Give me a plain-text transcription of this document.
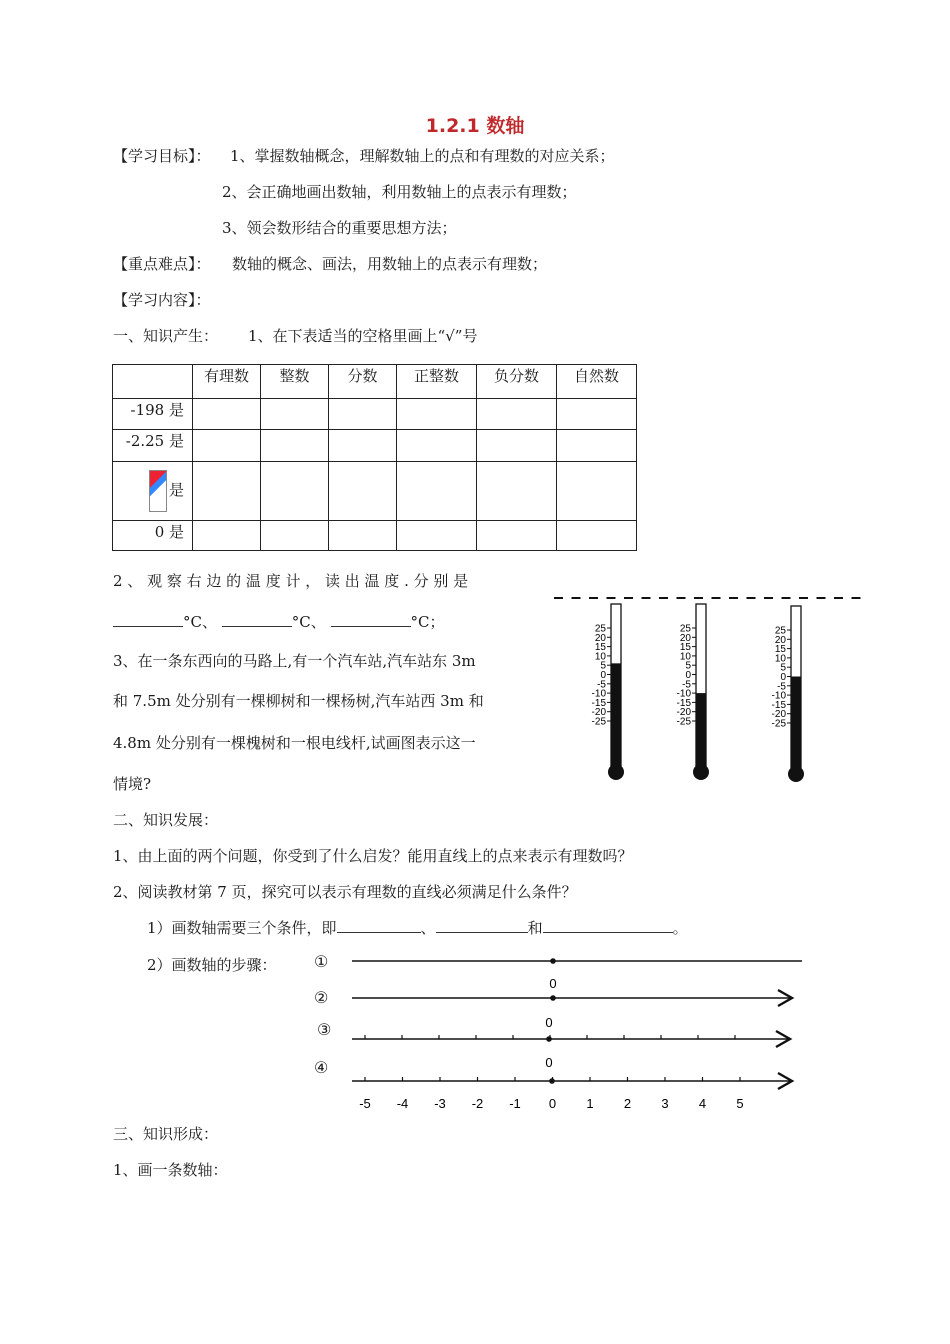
1.2.1 数轴
【学习目标】： 1、掌握数轴概念，理解数轴上的点和有理数的对应关系；
2、会正确地画出数轴，利用数轴上的点表示有理数；
3、领会数形结合的重要思想方法；
【重点难点】： 数轴的概念、画法，用数轴上的点表示有理数；
【学习内容】：
一、知识产生： 1、在下表适当的空格里画上“√”号
	有理数	整数	分数	正整数	负分数	自然数
-198 是						
-2.25 是						
是						
0 是						
2 、 观 察 右 边 的 温 度 计 ， 读 出 温 度 . 分 别 是
°C、	°C、	°C；
3、在一条东西向的马路上,有一个汽车站,汽车站东 3m
和 7.5m 处分别有一棵柳树和一棵杨树,汽车站西 3m 和
4.8m 处分别有一棵槐树和一根电线杆,试画图表示这一
情境?
25
20
15
10
5
0
-5
-10
-15
-20
-25
25
20
15
10
5
0
-5
-10
-15
-20
-25
25
20
15
10
5
0
-5
-10
-15
-20
-25
二、知识发展：
1、由上面的两个问题，你受到了什么启发？能用直线上的点来表示有理数吗？
2、阅读教材第 7 页，探究可以表示有理数的直线必须满足什么条件？
1）画数轴需要三个条件，即	、	和	。
2）画数轴的步骤： ①
②
③
④
0
0
0
-5 -4 -3 -2 -1 0 1 2 3 4 5
三、知识形成：
1、画一条数轴：
